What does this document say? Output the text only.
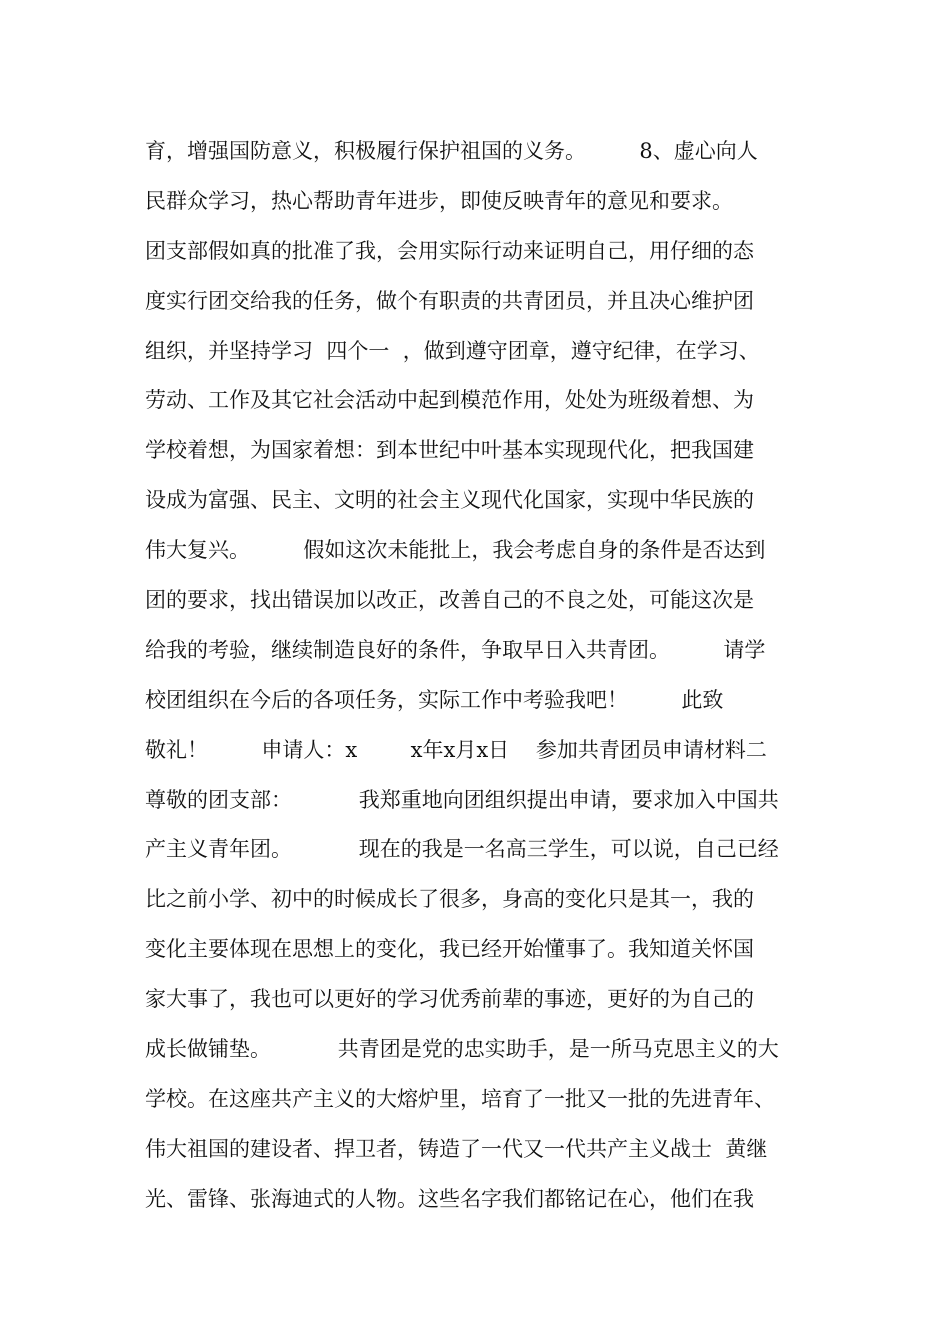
育，增强国防意义，积极履行保护祖国的义务。        8、虚心向人
民群众学习，热心帮助青年进步，即使反映青年的意见和要求。
团支部假如真的批准了我，会用实际行动来证明自己，用仔细的态
度实行团交给我的任务，做个有职责的共青团员，并且决心维护团
组织，并坚持学习  四个一  ，做到遵守团章，遵守纪律，在学习、
劳动、工作及其它社会活动中起到模范作用，处处为班级着想、为
学校着想，为国家着想：到本世纪中叶基本实现现代化，把我国建
设成为富强、民主、文明的社会主义现代化国家，实现中华民族的
伟大复兴。        假如这次未能批上，我会考虑自身的条件是否达到
团的要求，找出错误加以改正，改善自己的不良之处，可能这次是
给我的考验，继续制造良好的条件，争取早日入共青团。        请学
校团组织在今后的各项任务，实际工作中考验我吧！        此致
敬礼！        申请人：x        x年x月x日    参加共青团员申请材料二
尊敬的团支部：          我郑重地向团组织提出申请，要求加入中国共
产主义青年团。          现在的我是一名高三学生，可以说，自己已经
比之前小学、初中的时候成长了很多，身高的变化只是其一，我的
变化主要体现在思想上的变化，我已经开始懂事了。我知道关怀国
家大事了，我也可以更好的学习优秀前辈的事迹，更好的为自己的
成长做铺垫。          共青团是党的忠实助手，是一所马克思主义的大
学校。在这座共产主义的大熔炉里，培育了一批又一批的先进青年、
伟大祖国的建设者、捍卫者，铸造了一代又一代共产主义战士  黄继
光、雷锋、张海迪式的人物。这些名字我们都铭记在心，他们在我
